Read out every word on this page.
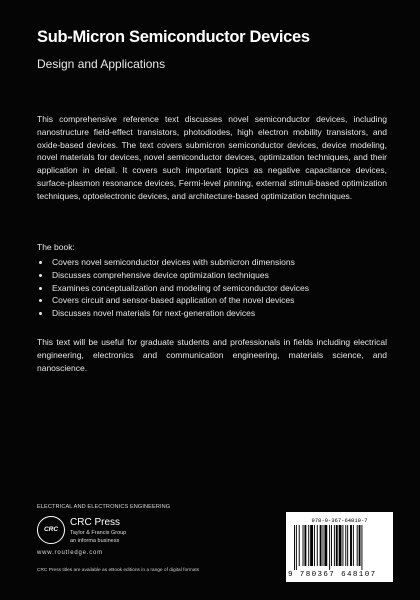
Sub-Micron Semiconductor Devices
Design and Applications

This comprehensive reference text discusses novel semiconductor devices, including nanostructure field-effect transistors, photodiodes, high electron mobility transistors, and oxide-based devices. The text covers submicron semiconductor devices, device modeling, novel materials for devices, novel semiconductor devices, optimization techniques, and their application in detail. It covers such important topics as negative capacitance devices, surface-plasmon resonance devices, Fermi-level pinning, external stimuli-based optimization techniques, optoelectronic devices, and architecture-based optimization techniques.

The book:

Covers novel semiconductor devices with submicron dimensions
Discusses comprehensive device optimization techniques
Examines conceptualization and modeling of semiconductor devices
Covers circuit and sensor-based application of the novel devices
Discusses novel materials for next-generation devices

This text will be useful for graduate students and professionals in fields including electrical engineering, electronics and communication engineering, materials science, and nanoscience.

ELECTRICAL AND ELECTRONICS ENGINEERING
CRC
CRC Press
Taylor & Francis Group
an informa business
www.routledge.com
CRC Press titles are available as eBook editions in a range of digital formats
978-0-367-64810-7
9 780367 648107
